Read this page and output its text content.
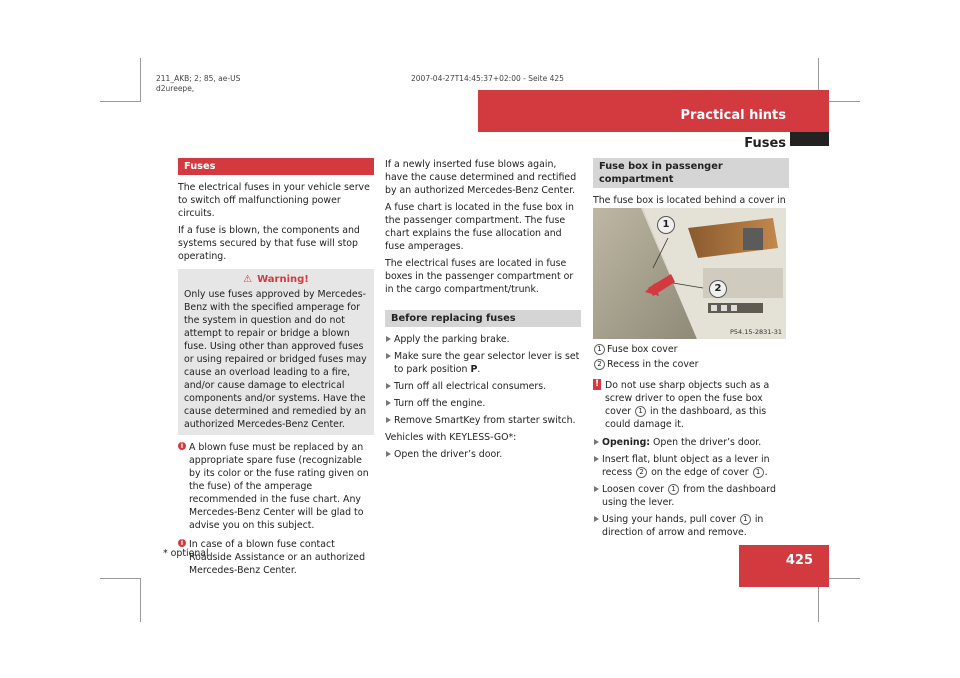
211_AKB; 2; 85, ae-US
d2ureepe,
2007-04-27T14:45:37+02:00 - Seite 425
Practical hints
Fuses
425
* optional
Fuses

The electrical fuses in your vehicle serve to switch off malfunctioning power circuits.

If a fuse is blown, the components and systems secured by that fuse will stop operating.

⚠ Warning!
Only use fuses approved by Mercedes-Benz with the specified amperage for the system in question and do not attempt to repair or bridge a blown fuse. Using other than approved fuses or using repaired or bridged fuses may cause an overload leading to a fire, and/or cause damage to electrical components and/or systems. Have the cause determined and remedied by an authorized Mercedes-Benz Center.
i A blown fuse must be replaced by an appropriate spare fuse (recognizable by its color or the fuse rating given on the fuse) of the amperage recommended in the fuse chart. Any Mercedes-Benz Center will be glad to advise you on this subject.
i In case of a blown fuse contact Roadside Assistance or an authorized Mercedes-Benz Center.

If a newly inserted fuse blows again, have the cause determined and rectified by an authorized Mercedes-Benz Center.

A fuse chart is located in the fuse box in the passenger compartment. The fuse chart explains the fuse allocation and fuse amperages.

The electrical fuses are located in fuse boxes in the passenger compartment or in the cargo compartment/trunk.

Before replacing fuses
Apply the parking brake.
Make sure the gear selector lever is set to park position P.
Turn off all electrical consumers.
Turn off the engine.
Remove SmartKey from starter switch.

Vehicles with KEYLESS-GO*:

Open the driver’s door.
Fuse box in passenger compartment

The fuse box is located behind a cover in

1
2
P54.15-2831-31
1 Fuse box cover
2 Recess in the cover
! Do not use sharp objects such as a screw driver to open the fuse box cover 1 in the dashboard, as this could damage it.
Opening: Open the driver’s door.
Insert flat, blunt object as a lever in recess 2 on the edge of cover 1 .
Loosen cover 1 from the dashboard using the lever.
Using your hands, pull cover 1 in direction of arrow and remove.
